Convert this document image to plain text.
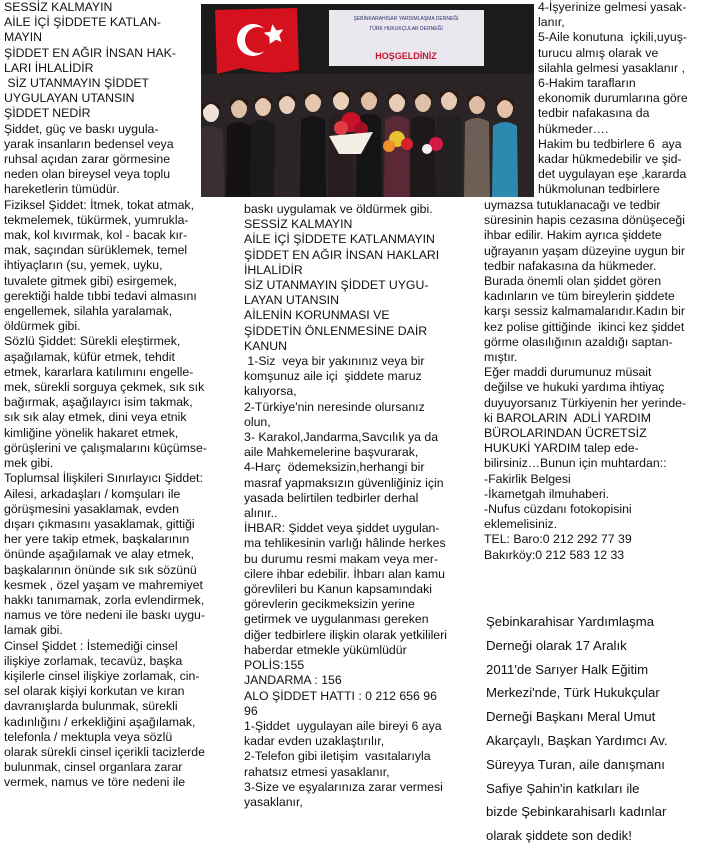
SESSİZ KALMAYIN
AİLE İÇİ ŞİDDETE KATLAN-
MAYIN
ŞİDDET EN AĞIR İNSAN HAK-
LARI İHLALİDİR
SİZ UTANMAYIN ŞİDDET
UYGULAYAN UTANSIN
ŞİDDET NEDİR
Şiddet, güç ve baskı uygula-
yarak insanların bedensel veya
ruhsal açıdan zarar görmesine
neden olan bireysel veya toplu
hareketlerin tümüdür.
Fiziksel Şiddet: İtmek, tokat atmak,
tekmelemek, tükürmek, yumrukla-
mak, kol kıvırmak, kol - bacak kır-
mak, saçından sürüklemek, temel
ihtiyaçların (su, yemek, uyku,
tuvalete gitmek gibi) esirgemek,
gerektiği halde tıbbi tedavi almasını
engellemek, silahla yaralamak,
öldürmek gibi.
Sözlü Şiddet: Sürekli eleştirmek,
aşağılamak, küfür etmek, tehdit
etmek, kararlara katılımını engelle-
mek, sürekli sorguya çekmek, sık sık
bağırmak, aşağılayıcı isim takmak,
sık sık alay etmek, dini veya etnik
kimliğine yönelik hakaret etmek,
görüşlerini ve çalışmalarını küçümse-
mek gibi.
Toplumsal İlişkileri Sınırlayıcı Şiddet:
Ailesi, arkadaşları / komşuları ile
görüşmesini yasaklamak, evden
dışarı çıkmasını yasaklamak, gittiği
her yere takip etmek, başkalarının
önünde aşağılamak ve alay etmek,
başkalarının önünde sık sık sözünü
kesmek , özel yaşam ve mahremiyet
hakkı tanımamak, zorla evlendirmek,
namus ve töre nedeni ile baskı uygu-
lamak gibi.
Cinsel Şiddet : İstemediği cinsel
ilişkiye zorlamak, tecavüz, başka
kişilerle cinsel ilişkiye zorlamak, cin-
sel olarak kişiyi korkutan ve kıran
davranışlarda bulunmak, sürekli
kadınlığını / erkekliğini aşağılamak,
telefonla / mektupla veya sözlü
olarak sürekli cinsel içerikli tacizlerde
bulunmak, cinsel organlara zarar
vermek, namus ve töre nedeni ile
ŞEBİNKARAHİSAR YARDIMLAŞMA DERNEĞİ
TÜRK HUKUKÇULAR DERNEĞİ
HOŞGELDİNİZ
baskı uygulamak ve öldürmek gibi.
SESSİZ KALMAYIN
AİLE İÇİ ŞİDDETE KATLANMAYIN
ŞİDDET EN AĞIR İNSAN HAKLARI
İHLALİDİR
SİZ UTANMAYIN ŞİDDET UYGU-
LAYAN UTANSIN
AİLENİN KORUNMASI VE
ŞİDDETİN ÖNLENMESİNE DAİR
KANUN
1-Siz  veya bir yakınınız veya bir
komşunuz aile içi  şiddete maruz
kalıyorsa,
2-Türkiye'nin neresinde olursanız
olun,
3- Karakol,Jandarma,Savcılık ya da
aile Mahkemelerine başvurarak,
4-Harç  ödemeksizin,herhangi bir
masraf yapmaksızın güvenliğiniz için
yasada belirtilen tedbirler derhal
alınır..
İHBAR: Şiddet veya şiddet uygulan-
ma tehlikesinin varlığı hâlinde herkes
bu durumu resmi makam veya mer-
cilere ihbar edebilir. İhbarı alan kamu
görevlileri bu Kanun kapsamındaki
görevlerin gecikmeksizin yerine
getirmek ve uygulanması gereken
diğer tedbirlere ilişkin olarak yetkilileri
haberdar etmekle yükümlüdür
POLİS:155
JANDARMA : 156
ALO ŞİDDET HATTI : 0 212 656 96
96
1-Şiddet  uygulayan aile bireyi 6 aya
kadar evden uzaklaştırılır,
2-Telefon gibi iletişim  vasıtalarıyla
rahatsız etmesi yasaklanır,
3-Size ve eşyalarınıza zarar vermesi
yasaklanır,
4-İşyerinize gelmesi yasak-
lanır,
5-Aile konutuna  içkili,uyuş-
turucu almış olarak ve
silahla gelmesi yasaklanır ,
6-Hakim tarafların
ekonomik durumlarına göre
tedbir nafakasına da
hükmeder….
Hakim bu tedbirlere 6  aya
kadar hükmedebilir ve şid-
det uygulayan eşe ,kararda
hükmolunan tedbirlere
uymazsa tutuklanacağı ve tedbir
süresinin hapis cezasına dönüşeceği
ihbar edilir. Hakim ayrıca şiddete
uğrayanın yaşam düzeyine uygun bir
tedbir nafakasına da hükmeder.
Burada önemli olan şiddet gören
kadınların ve tüm bireylerin şiddete
karşı sessiz kalmamalarıdır.Kadın bir
kez polise gittiğinde  ikinci kez şiddet
görme olasılığının azaldığı saptan-
mıştır.
Eğer maddi durumunuz müsait
değilse ve hukuki yardıma ihtiyaç
duyuyorsanız Türkiyenin her yerinde-
ki BAROLARIN  ADLİ YARDIM
BÜROLARINDAN ÜCRETSİZ
HUKUKİ YARDIM talep ede-
bilirsiniz…Bunun için muhtardan::
-Fakirlik Belgesi
-İkametgah ilmuhaberi.
-Nufus cüzdanı fotokopisini
eklemelisiniz.
TEL: Baro:0 212 292 77 39
Bakırköy:0 212 583 12 33
Şebinkarahisar Yardımlaşma
Derneği olarak 17 Aralık
2011'de Sarıyer Halk Eğitim
Merkezi'nde, Türk Hukukçular
Derneği Başkanı Meral Umut
Akarçaylı, Başkan Yardımcı Av.
Süreyya Turan, aile danışmanı
Safiye Şahin'in katkıları ile
bizde Şebinkarahisarlı kadınlar
olarak şiddete son dedik!
